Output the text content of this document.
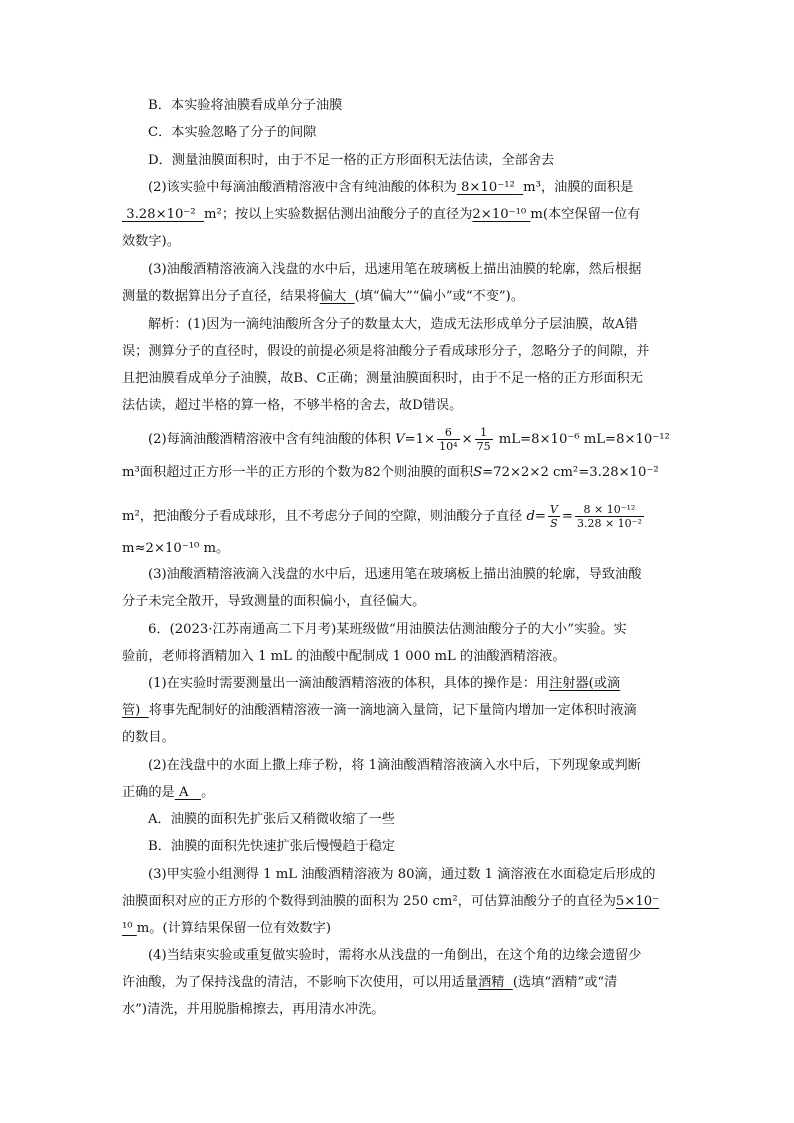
B．本实验将油膜看成单分子油膜
C．本实验忽略了分子的间隙
D．测量油膜面积时，由于不足一格的正方形面积无法估读，全部舍去
(2)该实验中每滴油酸酒精溶液中含有纯油酸的体积为 8×10⁻¹² m³，油膜的面积是
3.28×10⁻² m²；按以上实验数据估测出油酸分子的直径为2×10⁻¹⁰ m(本空保留一位有
效数字)。
(3)油酸酒精溶液滴入浅盘的水中后，迅速用笔在玻璃板上描出油膜的轮廓，然后根据
测量的数据算出分子直径，结果将偏大 (填“偏大”“偏小”或“不变”)。
解析：(1)因为一滴纯油酸所含分子的数量太大，造成无法形成单分子层油膜，故A错
误；测算分子的直径时，假设的前提必须是将油酸分子看成球形分子，忽略分子的间隙，并
且把油膜看成单分子油膜，故B、C正确；测量油膜面积时，由于不足一格的正方形面积无
法估读，超过半格的算一格，不够半格的舍去，故D错误。
(2)每滴油酸酒精溶液中含有纯油酸的体积 $V=1\times \frac{6}{\text{10⁴}} \times \frac{1}{75} mL=8\times 10^{-6}$ mL=8×10⁻¹²
m³面积超过正方形一半的正方形的个数为82个则油膜的面积S=72×2×2 cm²=3.28×10⁻²
m²，把油酸分子看成球形，且不考虑分子间的空隙，则油酸分子直径 $d= \frac{V}{S} = \frac{\text{8 × 10⁻¹²}}{\text{3.28 × 10⁻²}}$
m≈2×10⁻¹⁰ m。
(3)油酸酒精溶液滴入浅盘的水中后，迅速用笔在玻璃板上描出油膜的轮廓，导致油酸
分子未完全散开，导致测量的面积偏小，直径偏大。
6．(2023·江苏南通高二下月考)某班级做“用油膜法估测油酸分子的大小”实验。实
验前，老师将酒精加入 1 mL 的油酸中配制成 1 000 mL 的油酸酒精溶液。
(1)在实验时需要测量出一滴油酸酒精溶液的体积，具体的操作是：用注射器(或滴
管) 将事先配制好的油酸酒精溶液一滴一滴地滴入量筒，记下量筒内增加一定体积时液滴
的数目。
(2)在浅盘中的水面上撒上痱子粉，将 1滴油酸酒精溶液滴入水中后，下列现象或判断
正确的是 A 。
A．油膜的面积先扩张后又稍微收缩了一些
B．油膜的面积先快速扩张后慢慢趋于稳定
(3)甲实验小组测得 1 mL 油酸酒精溶液为 80滴，通过数 1 滴溶液在水面稳定后形成的
油膜面积对应的正方形的个数得到油膜的面积为 250 cm²，可估算油酸分子的直径为5×10⁻
¹⁰ m。(计算结果保留一位有效数字)
(4)当结束实验或重复做实验时，需将水从浅盘的一角倒出，在这个角的边缘会遗留少
许油酸，为了保持浅盘的清洁，不影响下次使用，可以用适量酒精 (选填“酒精”或“清
水”)清洗，并用脱脂棉擦去，再用清水冲洗。
